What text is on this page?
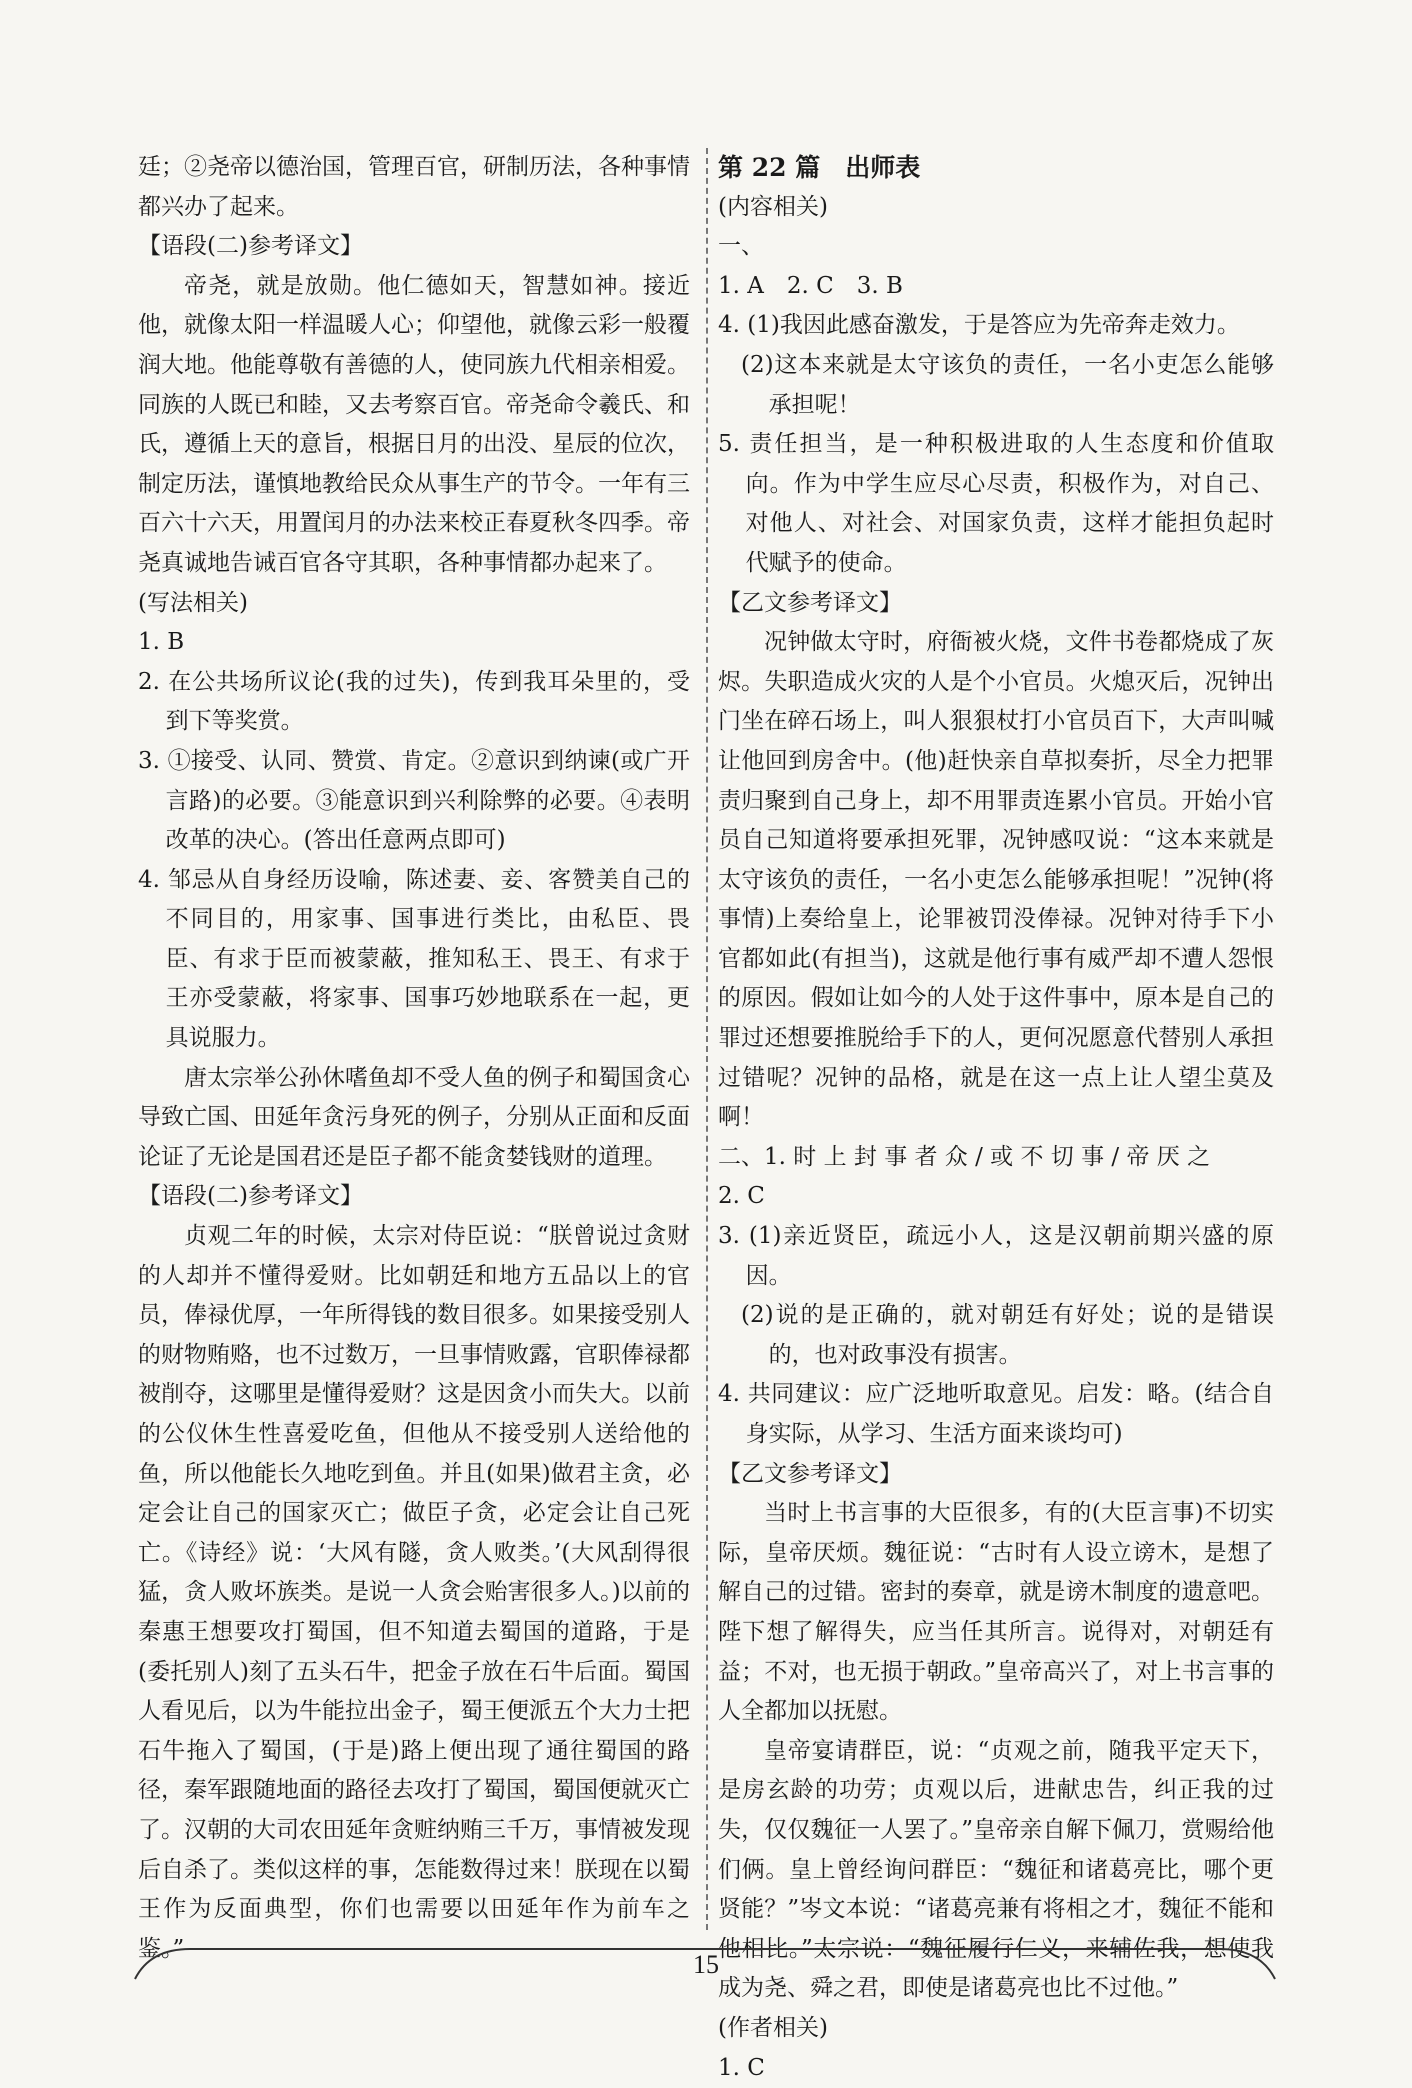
廷；②尧帝以德治国，管理百官，研制历法，各种事情都兴办了起来。

【语段(二)参考译文】

帝尧，就是放勋。他仁德如天，智慧如神。接近他，就像太阳一样温暖人心；仰望他，就像云彩一般覆润大地。他能尊敬有善德的人，使同族九代相亲相爱。同族的人既已和睦，又去考察百官。帝尧命令羲氏、和氏，遵循上天的意旨，根据日月的出没、星辰的位次，制定历法，谨慎地教给民众从事生产的节令。一年有三百六十六天，用置闰月的办法来校正春夏秋冬四季。帝尧真诚地告诫百官各守其职，各种事情都办起来了。

(写法相关)

1. B

2. 在公共场所议论(我的过失)，传到我耳朵里的，受到下等奖赏。

3. ①接受、认同、赞赏、肯定。②意识到纳谏(或广开言路)的必要。③能意识到兴利除弊的必要。④表明改革的决心。(答出任意两点即可)

4. 邹忌从自身经历设喻，陈述妻、妾、客赞美自己的不同目的，用家事、国事进行类比，由私臣、畏臣、有求于臣而被蒙蔽，推知私王、畏王、有求于王亦受蒙蔽，将家事、国事巧妙地联系在一起，更具说服力。

唐太宗举公孙休嗜鱼却不受人鱼的例子和蜀国贪心导致亡国、田延年贪污身死的例子，分别从正面和反面论证了无论是国君还是臣子都不能贪婪钱财的道理。

【语段(二)参考译文】

贞观二年的时候，太宗对侍臣说：“朕曾说过贪财的人却并不懂得爱财。比如朝廷和地方五品以上的官员，俸禄优厚，一年所得钱的数目很多。如果接受别人的财物贿赂，也不过数万，一旦事情败露，官职俸禄都被削夺，这哪里是懂得爱财？这是因贪小而失大。以前的公仪休生性喜爱吃鱼，但他从不接受别人送给他的鱼，所以他能长久地吃到鱼。并且(如果)做君主贪，必定会让自己的国家灭亡；做臣子贪，必定会让自己死亡。《诗经》说：‘大风有隧，贪人败类。’(大风刮得很猛，贪人败坏族类。是说一人贪会贻害很多人。)以前的秦惠王想要攻打蜀国，但不知道去蜀国的道路，于是(委托别人)刻了五头石牛，把金子放在石牛后面。蜀国人看见后，以为牛能拉出金子，蜀王便派五个大力士把石牛拖入了蜀国，(于是)路上便出现了通往蜀国的路径，秦军跟随地面的路径去攻打了蜀国，蜀国便就灭亡了。汉朝的大司农田延年贪赃纳贿三千万，事情被发现后自杀了。类似这样的事，怎能数得过来！朕现在以蜀王作为反面典型，你们也需要以田延年作为前车之鉴。”

第 22 篇　出师表

(内容相关)

一、

1. A　2. C　3. B

4. (1)我因此感奋激发，于是答应为先帝奔走效力。

(2)这本来就是太守该负的责任，一名小吏怎么能够承担呢！

5. 责任担当，是一种积极进取的人生态度和价值取向。作为中学生应尽心尽责，积极作为，对自己、对他人、对社会、对国家负责，这样才能担负起时代赋予的使命。

【乙文参考译文】

况钟做太守时，府衙被火烧，文件书卷都烧成了灰烬。失职造成火灾的人是个小官员。火熄灭后，况钟出门坐在碎石场上，叫人狠狠杖打小官员百下，大声叫喊让他回到房舍中。(他)赶快亲自草拟奏折，尽全力把罪责归聚到自己身上，却不用罪责连累小官员。开始小官员自己知道将要承担死罪，况钟感叹说：“这本来就是太守该负的责任，一名小吏怎么能够承担呢！”况钟(将事情)上奏给皇上，论罪被罚没俸禄。况钟对待手下小官都如此(有担当)，这就是他行事有威严却不遭人怨恨的原因。假如让如今的人处于这件事中，原本是自己的罪过还想要推脱给手下的人，更何况愿意代替别人承担过错呢？况钟的品格，就是在这一点上让人望尘莫及啊！

二、1. 时 上 封 事 者 众 / 或 不 切 事 / 帝 厌 之

2. C

3. (1)亲近贤臣，疏远小人，这是汉朝前期兴盛的原因。

(2)说的是正确的，就对朝廷有好处；说的是错误的，也对政事没有损害。

4. 共同建议：应广泛地听取意见。启发：略。(结合自身实际，从学习、生活方面来谈均可)

【乙文参考译文】

当时上书言事的大臣很多，有的(大臣言事)不切实际，皇帝厌烦。魏征说：“古时有人设立谤木，是想了解自己的过错。密封的奏章，就是谤木制度的遗意吧。陛下想了解得失，应当任其所言。说得对，对朝廷有益；不对，也无损于朝政。”皇帝高兴了，对上书言事的人全都加以抚慰。

皇帝宴请群臣，说：“贞观之前，随我平定天下，是房玄龄的功劳；贞观以后，进献忠告，纠正我的过失，仅仅魏征一人罢了。”皇帝亲自解下佩刀，赏赐给他们俩。皇上曾经询问群臣：“魏征和诸葛亮比，哪个更贤能？”岑文本说：“诸葛亮兼有将相之才，魏征不能和他相比。”太宗说：“魏征履行仁义，来辅佐我，想使我成为尧、舜之君，即使是诸葛亮也比不过他。”

(作者相关)

1. C

15
